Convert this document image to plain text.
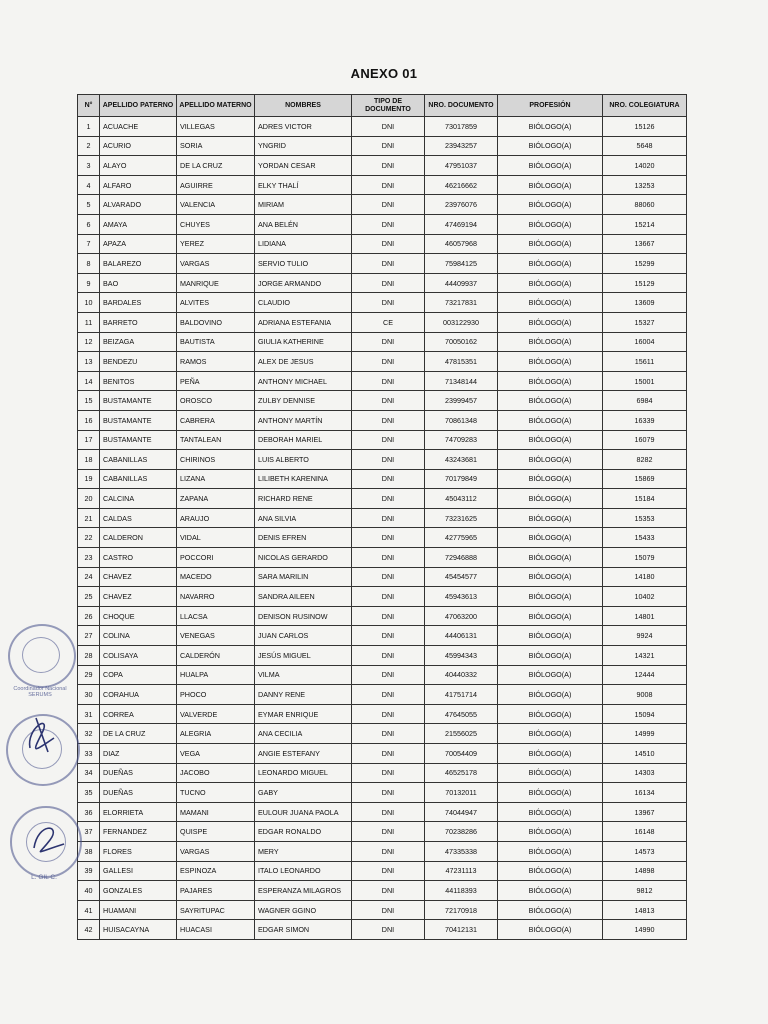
ANEXO 01
N°	APELLIDO PATERNO	APELLIDO MATERNO	NOMBRES	TIPO DE DOCUMENTO	NRO. DOCUMENTO	PROFESIÓN	NRO. COLEGIATURA
1	ACUACHE	VILLEGAS	ADRES VICTOR	DNI	73017859	BIÓLOGO(A)	15126
2	ACURIO	SORIA	YNGRID	DNI	23943257	BIÓLOGO(A)	5648
3	ALAYO	DE LA CRUZ	YORDAN CESAR	DNI	47951037	BIÓLOGO(A)	14020
4	ALFARO	AGUIRRE	ELKY THALÍ	DNI	46216662	BIÓLOGO(A)	13253
5	ALVARADO	VALENCIA	MIRIAM	DNI	23976076	BIÓLOGO(A)	88060
6	AMAYA	CHUYES	ANA BELÉN	DNI	47469194	BIÓLOGO(A)	15214
7	APAZA	YEREZ	LIDIANA	DNI	46057968	BIÓLOGO(A)	13667
8	BALAREZO	VARGAS	SERVIO TULIO	DNI	75984125	BIÓLOGO(A)	15299
9	BAO	MANRIQUE	JORGE ARMANDO	DNI	44409937	BIÓLOGO(A)	15129
10	BARDALES	ALVITES	CLAUDIO	DNI	73217831	BIÓLOGO(A)	13609
11	BARRETO	BALDOVINO	ADRIANA ESTEFANIA	CE	003122930	BIÓLOGO(A)	15327
12	BEIZAGA	BAUTISTA	GIULIA KATHERINE	DNI	70050162	BIÓLOGO(A)	16004
13	BENDEZU	RAMOS	ALEX DE JESUS	DNI	47815351	BIÓLOGO(A)	15611
14	BENITOS	PEÑA	ANTHONY MICHAEL	DNI	71348144	BIÓLOGO(A)	15001
15	BUSTAMANTE	OROSCO	ZULBY DENNISE	DNI	23999457	BIÓLOGO(A)	6984
16	BUSTAMANTE	CABRERA	ANTHONY MARTÍN	DNI	70861348	BIÓLOGO(A)	16339
17	BUSTAMANTE	TANTALEAN	DEBORAH MARIEL	DNI	74709283	BIÓLOGO(A)	16079
18	CABANILLAS	CHIRINOS	LUIS ALBERTO	DNI	43243681	BIÓLOGO(A)	8282
19	CABANILLAS	LIZANA	LILIBETH KARENINA	DNI	70179849	BIÓLOGO(A)	15869
20	CALCINA	ZAPANA	RICHARD RENE	DNI	45043112	BIÓLOGO(A)	15184
21	CALDAS	ARAUJO	ANA SILVIA	DNI	73231625	BIÓLOGO(A)	15353
22	CALDERON	VIDAL	DENIS EFREN	DNI	42775965	BIÓLOGO(A)	15433
23	CASTRO	POCCORI	NICOLAS GERARDO	DNI	72946888	BIÓLOGO(A)	15079
24	CHAVEZ	MACEDO	SARA MARILIN	DNI	45454577	BIÓLOGO(A)	14180
25	CHAVEZ	NAVARRO	SANDRA AILEEN	DNI	45943613	BIÓLOGO(A)	10402
26	CHOQUE	LLACSA	DENISON RUSINOW	DNI	47063200	BIÓLOGO(A)	14801
27	COLINA	VENEGAS	JUAN CARLOS	DNI	44406131	BIÓLOGO(A)	9924
28	COLISAYA	CALDERÓN	JESÚS MIGUEL	DNI	45994343	BIÓLOGO(A)	14321
29	COPA	HUALPA	VILMA	DNI	40440332	BIÓLOGO(A)	12444
30	CORAHUA	PHOCO	DANNY RENE	DNI	41751714	BIÓLOGO(A)	9008
31	CORREA	VALVERDE	EYMAR ENRIQUE	DNI	47645055	BIÓLOGO(A)	15094
32	DE LA CRUZ	ALEGRIA	ANA CECILIA	DNI	21556025	BIÓLOGO(A)	14999
33	DIAZ	VEGA	ANGIE ESTEFANY	DNI	70054409	BIÓLOGO(A)	14510
34	DUEÑAS	JACOBO	LEONARDO MIGUEL	DNI	46525178	BIÓLOGO(A)	14303
35	DUEÑAS	TUCNO	GABY	DNI	70132011	BIÓLOGO(A)	16134
36	ELORRIETA	MAMANI	EULOUR JUANA PAOLA	DNI	74044947	BIÓLOGO(A)	13967
37	FERNANDEZ	QUISPE	EDGAR RONALDO	DNI	70238286	BIÓLOGO(A)	16148
38	FLORES	VARGAS	MERY	DNI	47335338	BIÓLOGO(A)	14573
39	GALLESI	ESPINOZA	ITALO LEONARDO	DNI	47231113	BIÓLOGO(A)	14898
40	GONZALES	PAJARES	ESPERANZA MILAGROS	DNI	44118393	BIÓLOGO(A)	9812
41	HUAMANI	SAYRITUPAC	WAGNER GGINO	DNI	72170918	BIÓLOGO(A)	14813
42	HUISACAYNA	HUACASI	EDGAR SIMON	DNI	70412131	BIÓLOGO(A)	14990
Coordinador Nacional SERUMS
L. GIL C.
